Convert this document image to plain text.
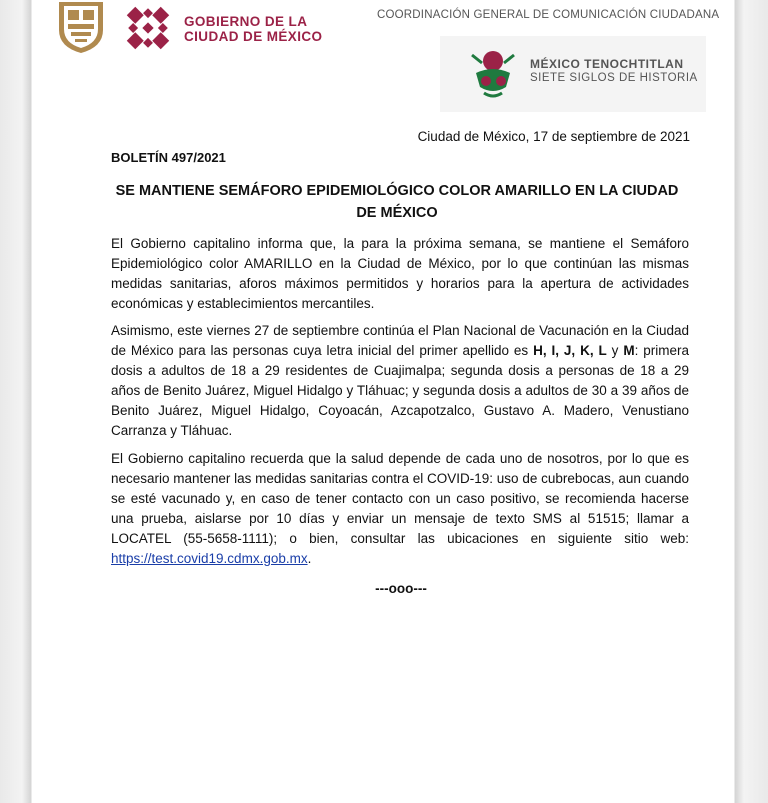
GOBIERNO DE LA
CIUDAD DE MÉXICO
COORDINACIÓN GENERAL DE COMUNICACIÓN CIUDADANA
MÉXICO TENOCHTITLAN
SIETE SIGLOS DE HISTORIA
Ciudad de México, 17 de septiembre de 2021
BOLETÍN 497/2021
SE MANTIENE SEMÁFORO EPIDEMIOLÓGICO COLOR AMARILLO EN LA CIUDAD DE MÉXICO

El Gobierno capitalino informa que, la para la próxima semana, se mantiene el Semáforo Epidemiológico color AMARILLO en la Ciudad de México, por lo que continúan las mismas medidas sanitarias, aforos máximos permitidos y horarios para la apertura de actividades económicas y establecimientos mercantiles.

Asimismo, este viernes 27 de septiembre continúa el Plan Nacional de Vacunación en la Ciudad de México para las personas cuya letra inicial del primer apellido es H, I, J, K, L y M: primera dosis a adultos de 18 a 29 residentes de Cuajimalpa; segunda dosis a personas de 18 a 29 años de Benito Juárez, Miguel Hidalgo y Tláhuac; y segunda dosis a adultos de 30 a 39 años de Benito Juárez, Miguel Hidalgo, Coyoacán, Azcapotzalco, Gustavo A. Madero, Venustiano Carranza y Tláhuac.

El Gobierno capitalino recuerda que la salud depende de cada uno de nosotros, por lo que es necesario mantener las medidas sanitarias contra el COVID-19: uso de cubrebocas, aun cuando se esté vacunado y, en caso de tener contacto con un caso positivo, se recomienda hacerse una prueba, aislarse por 10 días y enviar un mensaje de texto SMS al 51515; llamar a LOCATEL (55-5658-1111); o bien, consultar las ubicaciones en siguiente sitio web: https://test.covid19.cdmx.gob.mx.

---ooo---
